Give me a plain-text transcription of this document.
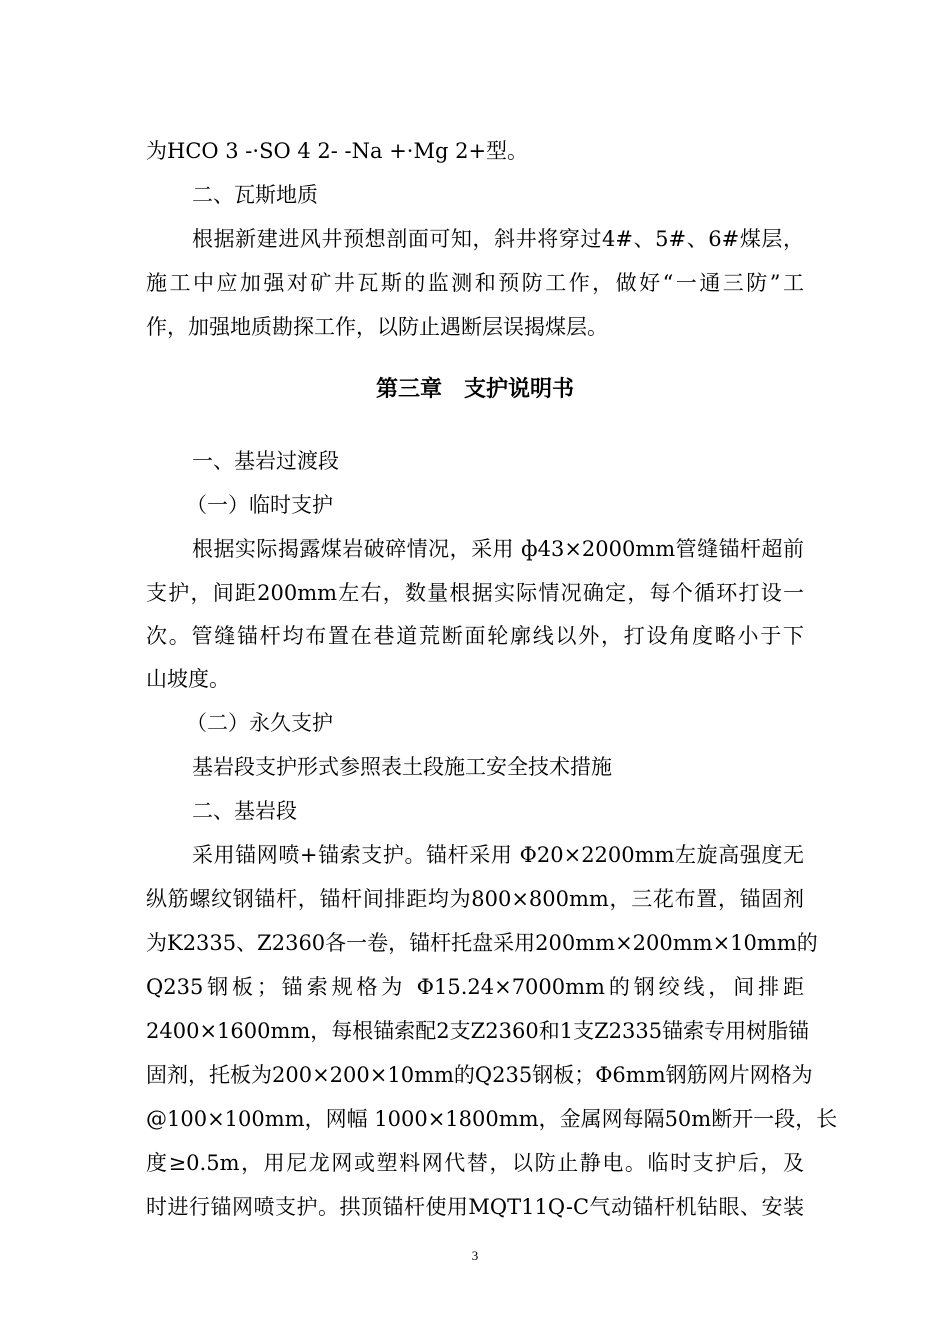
为HCO 3 -·SO 4 2- -Na +·Mg 2+型。
二、瓦斯地质
根据新建进风井预想剖面可知，斜井将穿过4#、5#、6#煤层，
施工中应加强对矿井瓦斯的监测和预防工作，做好“一通三防”工
作，加强地质勘探工作，以防止遇断层误揭煤层。
第三章　支护说明书
一、基岩过渡段
（一）临时支护
根据实际揭露煤岩破碎情况，采用 ф43×2000mm管缝锚杆超前
支护，间距200mm左右，数量根据实际情况确定，每个循环打设一
次。管缝锚杆均布置在巷道荒断面轮廓线以外，打设角度略小于下
山坡度。
（二）永久支护
基岩段支护形式参照表土段施工安全技术措施
二、基岩段
采用锚网喷+锚索支护。锚杆采用 Φ20×2200mm左旋高强度无
纵筋螺纹钢锚杆，锚杆间排距均为800×800mm，三花布置，锚固剂
为K2335、Z2360各一卷，锚杆托盘采用200mm×200mm×10mm的
Q235钢板；锚索规格为 Φ15.24×7000mm的钢绞线，间排距
2400×1600mm，每根锚索配2支Z2360和1支Z2335锚索专用树脂锚
固剂，托板为200×200×10mm的Q235钢板；Φ6mm钢筋网片网格为
@100×100mm，网幅 1000×1800mm，金属网每隔50m断开一段，长
度≥0.5m，用尼龙网或塑料网代替，以防止静电。临时支护后，及
时进行锚网喷支护。拱顶锚杆使用MQT11Q-C气动锚杆机钻眼、安装
3
